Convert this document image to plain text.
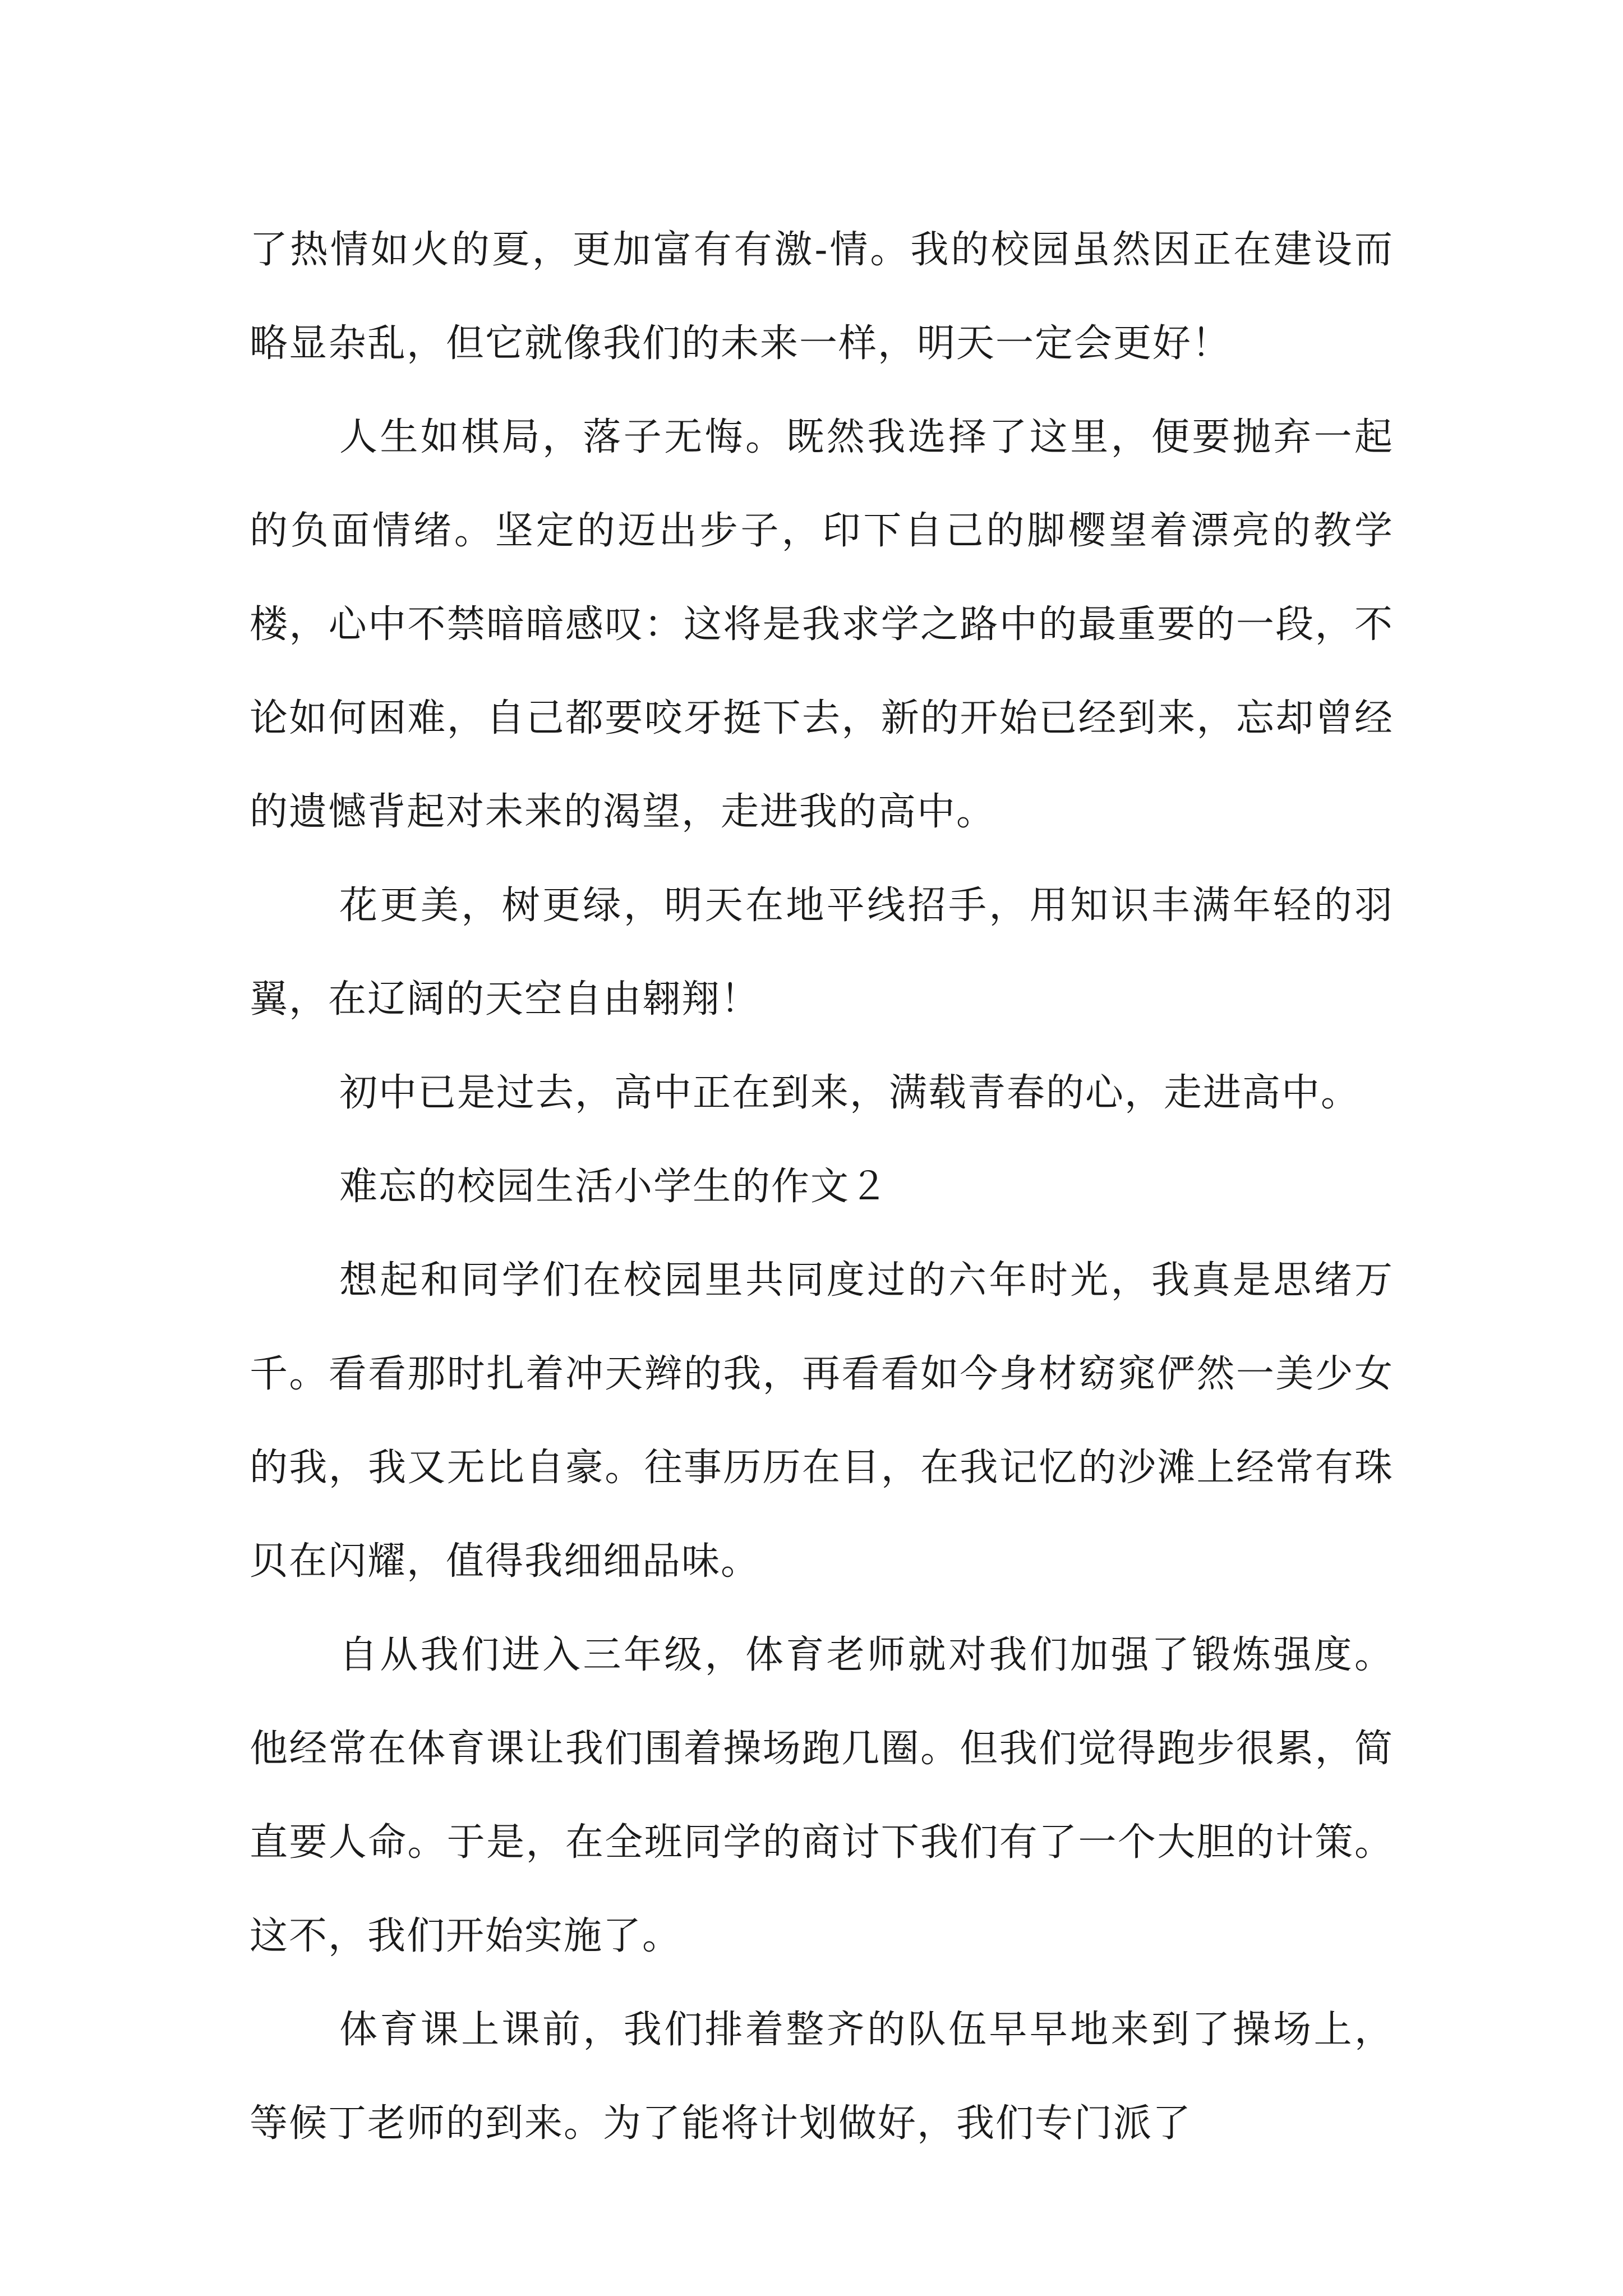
了热情如火的夏，更加富有有激-情。我的校园虽然因正在建设而略显杂乱，但它就像我们的未来一样，明天一定会更好！

人生如棋局，落子无悔。既然我选择了这里，便要抛弃一起的负面情绪。坚定的迈出步子，印下自己的脚樱望着漂亮的教学楼，心中不禁暗暗感叹：这将是我求学之路中的最重要的一段，不论如何困难，自己都要咬牙挺下去，新的开始已经到来，忘却曾经的遗憾背起对未来的渴望，走进我的高中。

花更美，树更绿，明天在地平线招手，用知识丰满年轻的羽翼，在辽阔的天空自由翱翔！

初中已是过去，高中正在到来，满载青春的心，走进高中。

难忘的校园生活小学生的作文２

想起和同学们在校园里共同度过的六年时光，我真是思绪万千。看看那时扎着冲天辫的我，再看看如今身材窈窕俨然一美少女的我，我又无比自豪。往事历历在目，在我记忆的沙滩上经常有珠贝在闪耀，值得我细细品味。

自从我们进入三年级，体育老师就对我们加强了锻炼强度。他经常在体育课让我们围着操场跑几圈。但我们觉得跑步很累，简直要人命。于是，在全班同学的商讨下我们有了一个大胆的计策。这不，我们开始实施了。

体育课上课前，我们排着整齐的队伍早早地来到了操场上，等候丁老师的到来。为了能将计划做好，我们专门派了
